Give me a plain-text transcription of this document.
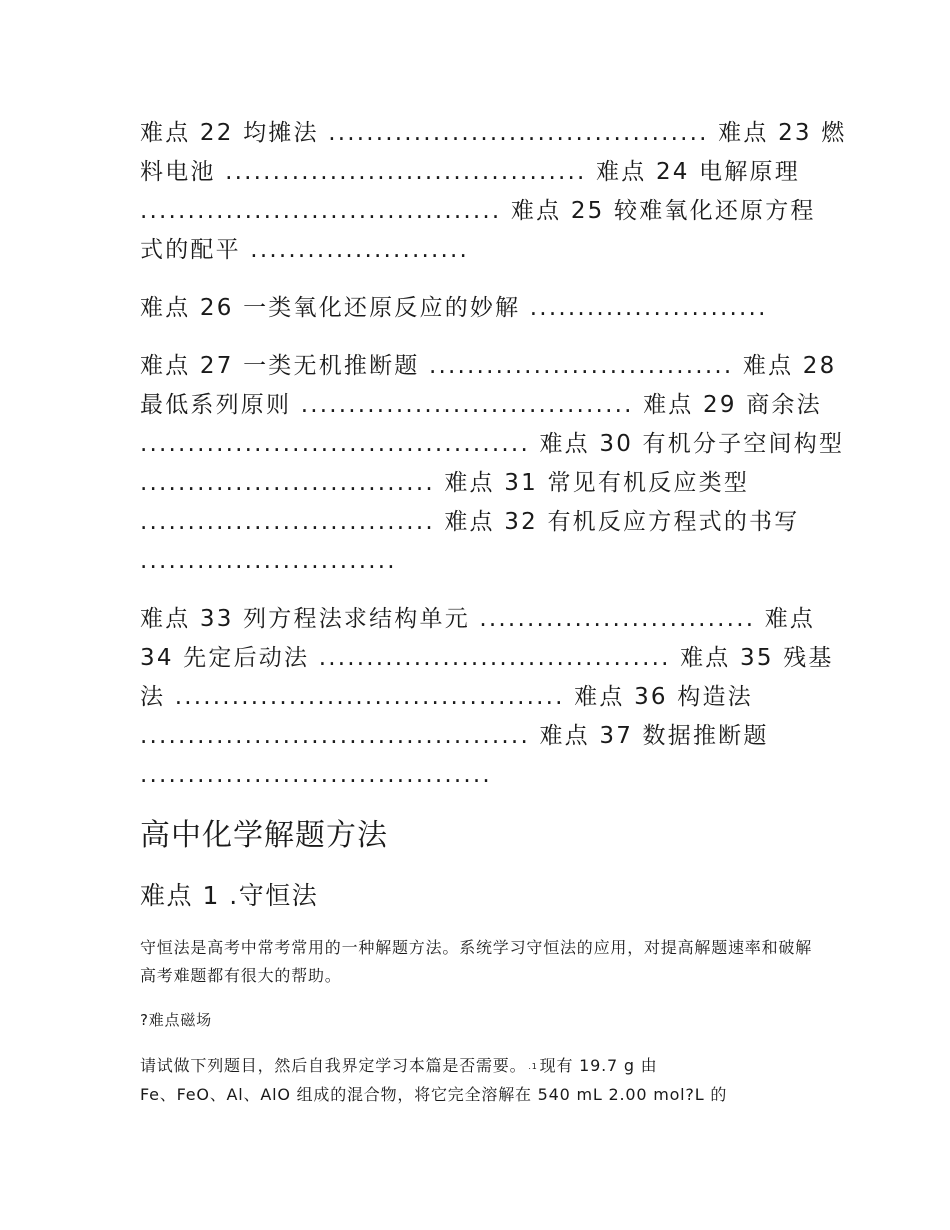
难点 22 均摊法 ........................................ 难点 23 燃
料电池 ...................................... 难点 24 电解原理
...................................... 难点 25 较难氧化还原方程
式的配平 .......................
难点 26 一类氧化还原反应的妙解 .........................
难点 27 一类无机推断题 ................................ 难点 28
最低系列原则 ................................... 难点 29 商余法
......................................... 难点 30 有机分子空间构型
............................... 难点 31 常见有机反应类型
............................... 难点 32 有机反应方程式的书写
...........................
难点 33 列方程法求结构单元 ............................. 难点
34 先定后动法 ..................................... 难点 35 残基
法 ......................................... 难点 36 构造法
......................................... 难点 37 数据推断题
.....................................
高中化学解题方法
难点 1 .守恒法
守恒法是高考中常考常用的一种解题方法。系统学习守恒法的应用，对提高解题速率和破解高考难题都有很大的帮助。
?难点磁场
请试做下列题目，然后自我界定学习本篇是否需要。 .1 现有 19.7 g 由
Fe、FeO、Al、AlO 组成的混合物，将它完全溶解在 540 mL 2.00 mol?L 的
